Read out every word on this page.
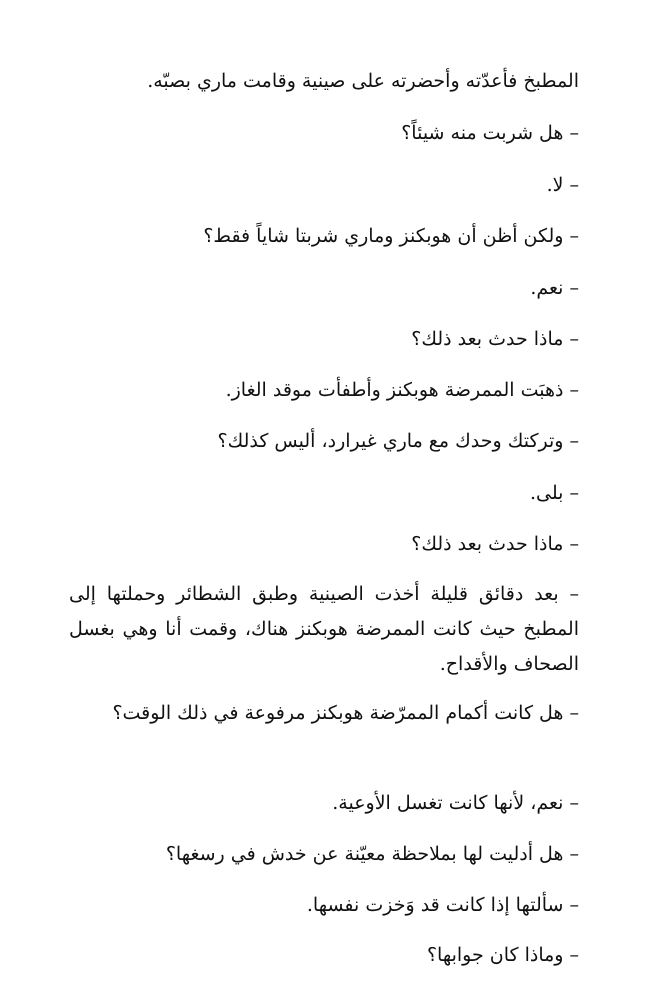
المطبخ فأعدّته وأحضرته على صينية وقامت ماري بصبّه.
– هل شربت منه شيئاً؟
– لا.
– ولكن أظن أن هوبكنز وماري شربتا شاياً فقط؟
– نعم.
– ماذا حدث بعد ذلك؟
– ذهبَت الممرضة هوبكنز وأطفأت موقد الغاز.
– وتركتك وحدك مع ماري غيرارد، أليس كذلك؟
– بلى.
– ماذا حدث بعد ذلك؟
– بعد دقائق قليلة أخذت الصينية وطبق الشطائر وحملتها إلى المطبخ حيث كانت الممرضة هوبكنز هناك، وقمت أنا وهي بغسل الصحاف والأقداح.
– هل كانت أكمام الممرّضة هوبكنز مرفوعة في ذلك الوقت؟
– نعم، لأنها كانت تغسل الأوعية.
– هل أدليت لها بملاحظة معيّنة عن خدش في رسغها؟
– سألتها إذا كانت قد وَخزت نفسها.
– وماذا كان جوابها؟
